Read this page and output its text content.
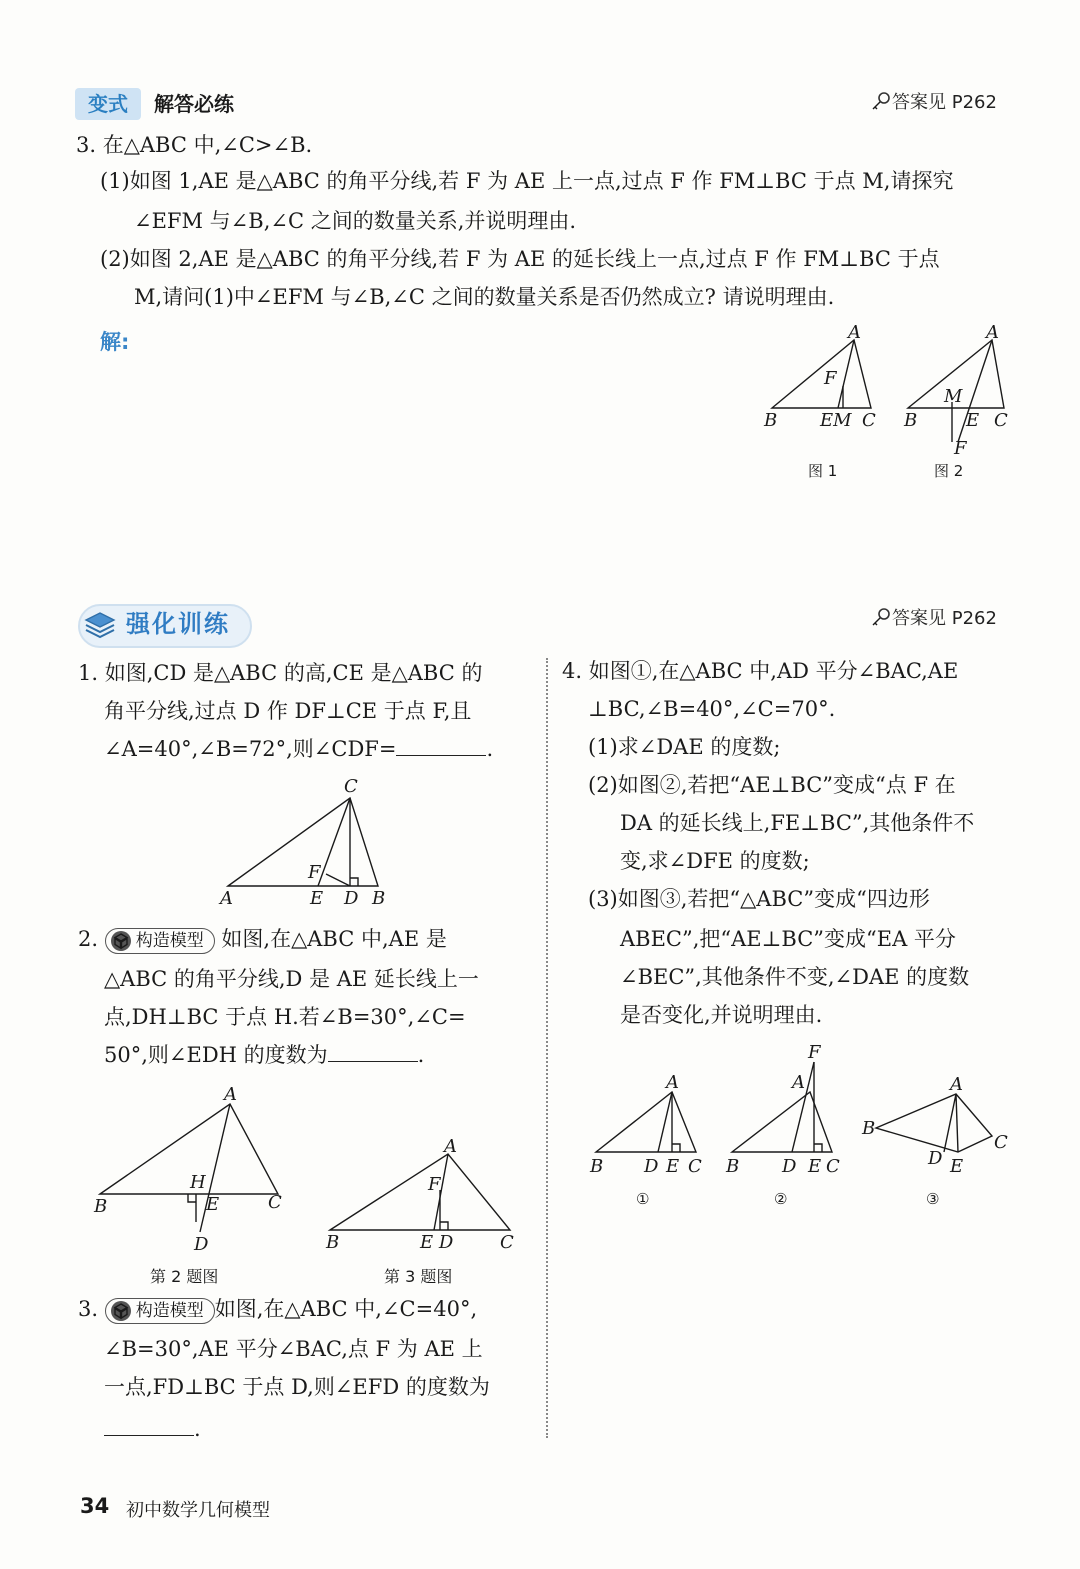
变式	解答必练	答案见 P262
3. 在△ABC 中,∠C>∠B.
(1)如图 1,AE 是△ABC 的角平分线,若 F 为 AE 上一点,过点 F 作 FM⊥BC 于点 M,请探究
∠EFM 与∠B,∠C 之间的数量关系,并说明理由.
(2)如图 2,AE 是△ABC 的角平分线,若 F 为 AE 的延长线上一点,过点 F 作 FM⊥BC 于点
M,请问(1)中∠EFM 与∠B,∠C 之间的数量关系是否仍然成立? 请说明理由.
解:	A
B	C
F
EM
图 1
A
B	C
M
E
F
图 2
强化训练	答案见 P262
1. 如图,CD 是△ABC 的高,CE 是△ABC 的
角平分线,过点 D 作 DF⊥CE 于点 F,且
∠A=40°,∠B=72°,则∠CDF=	.
C
A	E D B
F
2. 构造模型 如图,在△ABC 中,AE 是
△ABC 的角平分线,D 是 AE 延长线上一
点,DH⊥BC 于点 H.若∠B=30°,∠C=
50°,则∠EDH 的度数为	.
A
B	C
H
E
D
第 2 题图
A
F
B	E D	C
第 3 题图
3. 构造模型 如图,在△ABC 中,∠C=40°,
∠B=30°,AE 平分∠BAC,点 F 为 AE 上
一点,FD⊥BC 于点 D,则∠EFD 的度数为
.
4. 如图①,在△ABC 中,AD 平分∠BAC,AE
⊥BC,∠B=40°,∠C=70°.
(1)求∠DAE 的度数;
(2)如图②,若把“AE⊥BC”变成“点 F 在
DA 的延长线上,FE⊥BC”,其他条件不
变,求∠DFE 的度数;
(3)如图③,若把“△ABC”变成“四边形
ABEC”,把“AE⊥BC”变成“EA 平分
∠BEC”,其他条件不变,∠DAE 的度数
是否变化,并说明理由.
A
B D E C
①
F
A
B D E C
②
A
B
C
D E
③
34 初中数学几何模型
